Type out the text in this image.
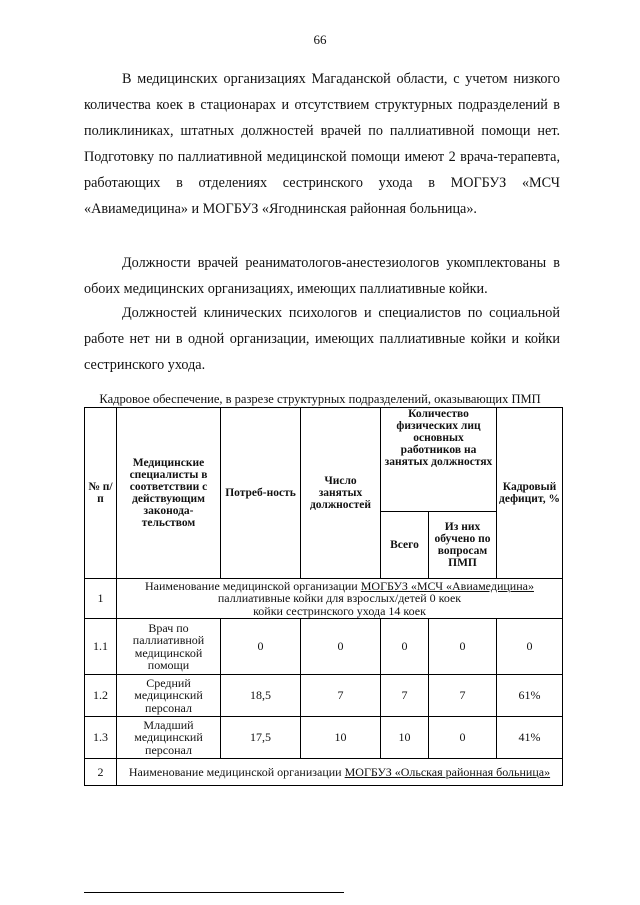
66

В медицинских организациях Магаданской области, с учетом низкого количества коек в стационарах и отсутствием структурных подразделений в поликлиниках, штатных должностей врачей по паллиативной помощи нет. Подготовку по паллиативной медицинской помощи имеют 2 врача-терапевта, работающих в отделениях сестринского ухода в МОГБУЗ «МСЧ «Авиамедицина» и МОГБУЗ «Ягоднинская районная больница».

Должности врачей реаниматологов-анестезиологов укомплектованы в обоих медицинских организациях, имеющих паллиативные койки.

Должностей клинических психологов и специалистов по социальной работе нет ни в одной организации, имеющих паллиативные койки и койки сестринского ухода.

Кадровое обеспечение, в разрезе структурных подразделений, оказывающих ПМП
№ п/п	Медицинские специалисты в соответствии с действующим законода-тельством	Потреб-ность	Число занятых должностей	Количество физических лиц основных работников на занятых должностях		Кадровый дефицит, %
				Всего	Из них обучено по вопросам ПМП	
1	Наименование медицинской организации МОГБУЗ «МСЧ «Авиамедицина»
паллиативные койки для взрослых/детей 0 коек
койки сестринского ухода 14 коек					
1.1	Врач по паллиативной медицинской помощи	0	0	0	0	0
1.2	Средний медицинский персонал	18,5	7	7	7	61%
1.3	Младший медицинский персонал	17,5	10	10	0	41%
2	Наименование медицинской организации МОГБУЗ «Ольская районная больница»					
